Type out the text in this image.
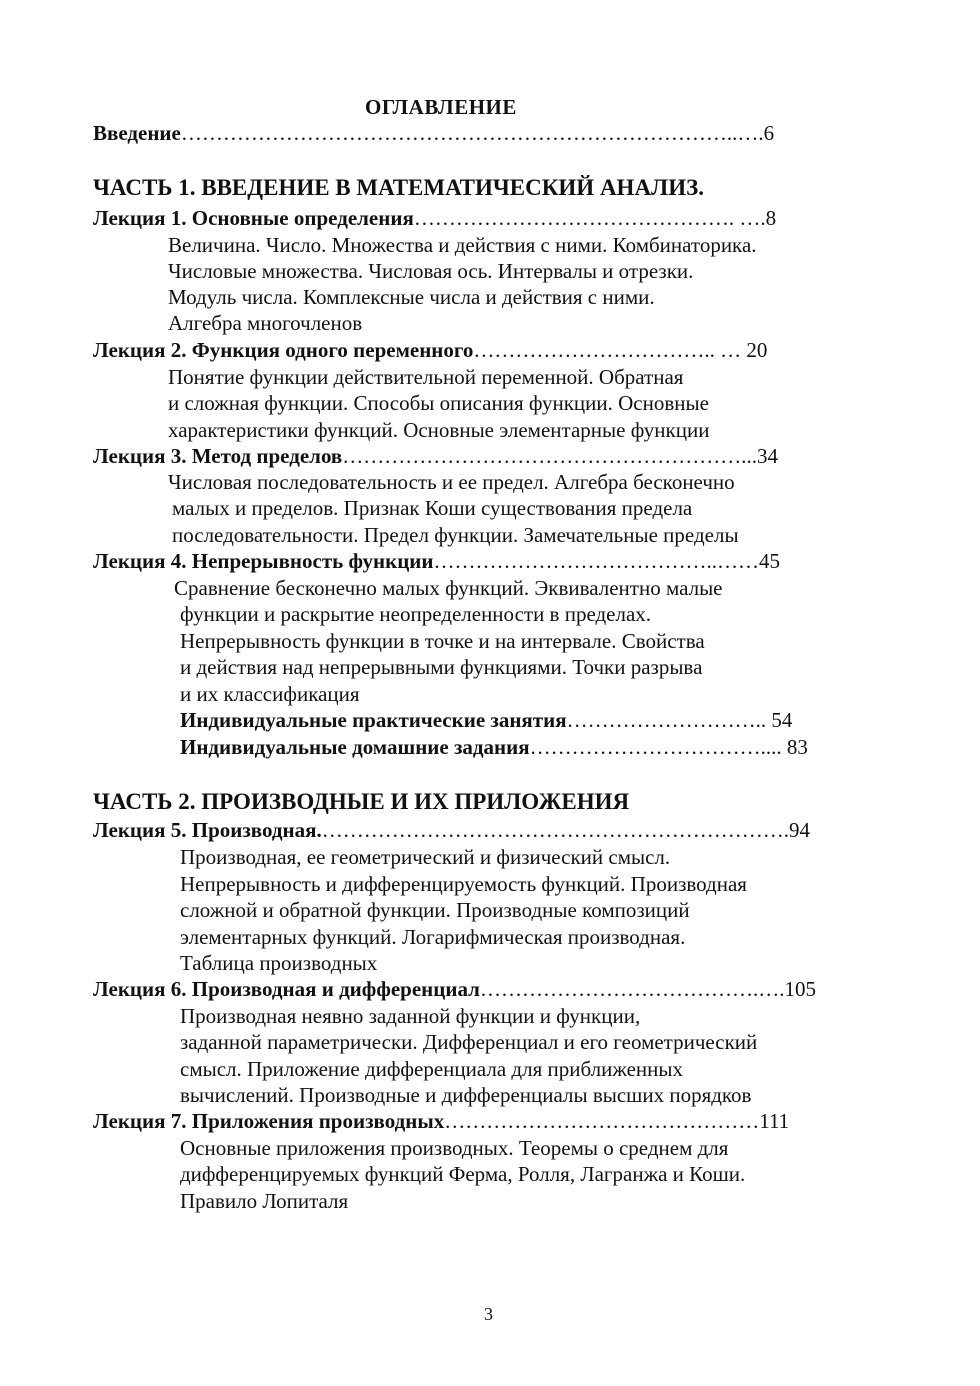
ОГЛАВЛЕНИЕ
Введение……………………………………………………………………..….6
ЧАСТЬ 1. ВВЕДЕНИЕ В МАТЕМАТИЧЕСКИЙ АНАЛИЗ.
Лекция 1. Основные определения………………………………………. ….8
Величина. Число. Множества и действия с ними. Комбинаторика.
Числовые множества. Числовая ось. Интервалы и отрезки.
Модуль числа. Комплексные числа и действия с ними.
Алгебра многочленов
Лекция 2. Функция одного переменного…………………………….. … 20
Понятие функции действительной переменной. Обратная
и сложная функции. Способы описания функции. Основные
характеристики функций. Основные элементарные функции
Лекция 3. Метод пределов…………………………………………………...34
Числовая последовательность и ее предел. Алгебра бесконечно
малых и пределов. Признак Коши существования предела
последовательности. Предел функции. Замечательные пределы
Лекция 4. Непрерывность функции…………………………………..……45
Сравнение бесконечно малых функций. Эквивалентно малые
функции и раскрытие неопределенности в пределах.
Непрерывность функции в точке и на интервале. Свойства
и действия над непрерывными функциями. Точки разрыва
и их классификация
Индивидуальные практические занятия……………………….. 54
Индивидуальные домашние задания…………………………….... 83
ЧАСТЬ 2. ПРОИЗВОДНЫЕ И ИХ ПРИЛОЖЕНИЯ
Лекция 5. Производная.………………………………………………………….94
Производная, ее геометрический и физический смысл.
Непрерывность и дифференцируемость функций. Производная
сложной и обратной функции. Производные композиций
элементарных функций. Логарифмическая производная.
Таблица производных
Лекция 6. Производная и дифференциал………………………………….….105
Производная неявно заданной функции и функции,
заданной параметрически. Дифференциал и его геометрический
смысл. Приложение дифференциала для приближенных
вычислений. Производные и дифференциалы высших порядков
Лекция 7. Приложения производных………………………………………111
Основные приложения производных. Теоремы о среднем для
дифференцируемых функций Ферма, Ролля, Лагранжа и Коши.
Правило Лопиталя
3
